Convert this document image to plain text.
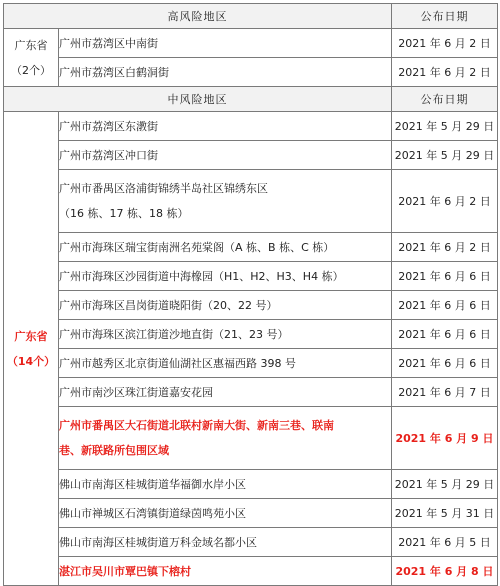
高风险地区		公布日期

广东省
（2个）	广州市荔湾区中南街	2021 年 6 月 2 日
	广州市荔湾区白鹤洞街	2021 年 6 月 2 日
中风险地区		公布日期

广东省
（14个）	广州市荔湾区东漖街	2021 年 5 月 29 日
	广州市荔湾区冲口街	2021 年 5 月 29 日

	广州市番禺区洛浦街锦绣半岛社区锦绣东区
（16 栋、17 栋、18 栋）	2021 年 6 月 2 日
	广州市海珠区瑞宝街南洲名苑棠阁（A 栋、B 栋、C 栋）	2021 年 6 月 2 日
	广州市海珠区沙园街道中海橡园（H1、H2、H3、H4 栋）	2021 年 6 月 6 日
	广州市海珠区昌岗街道晓阳街（20、22 号）	2021 年 6 月 6 日
	广州市海珠区滨江街道沙地直街（21、23 号）	2021 年 6 月 6 日
	广州市越秀区北京街道仙湖社区惠福西路 398 号	2021 年 6 月 6 日
	广州市南沙区珠江街道嘉安花园	2021 年 6 月 7 日

	广州市番禺区大石街道北联村新南大街、新南三巷、联南
巷、新联路所包围区域	2021 年 6 月 9 日
	佛山市南海区桂城街道华福御水岸小区	2021 年 5 月 29 日
	佛山市禅城区石湾镇街道绿茵鸣苑小区	2021 年 5 月 31 日
	佛山市南海区桂城街道万科金域名都小区	2021 年 6 月 5 日
	湛江市吴川市覃巴镇下榕村	2021 年 6 月 8 日
